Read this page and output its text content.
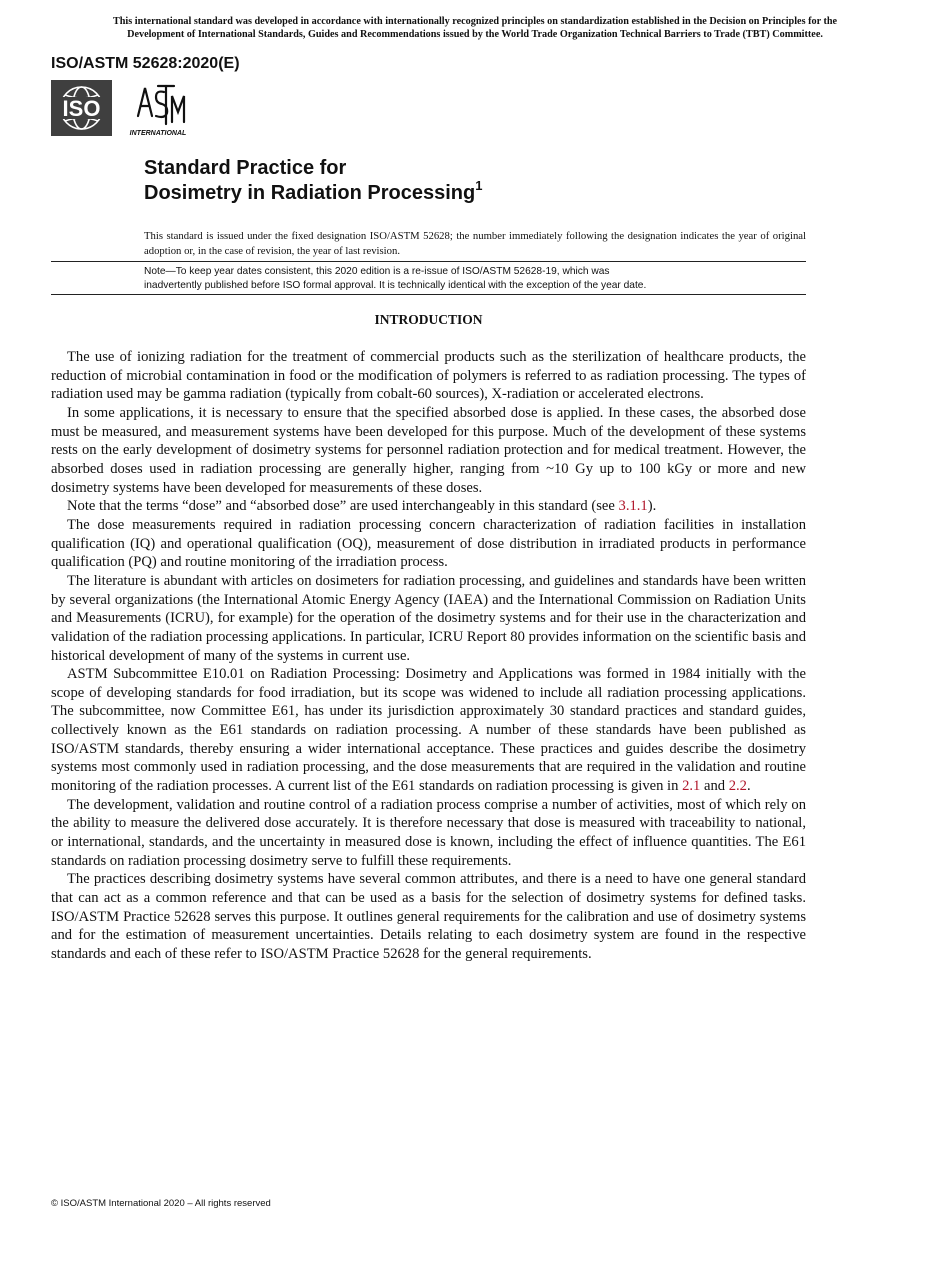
This international standard was developed in accordance with internationally recognized principles on standardization established in the Decision on Principles for the
Development of International Standards, Guides and Recommendations issued by the World Trade Organization Technical Barriers to Trade (TBT) Committee.
ISO/ASTM 52628:2020(E)
ISO
INTERNATIONAL
Standard Practice for
Dosimetry in Radiation Processing$^1$
This standard is issued under the fixed designation ISO/ASTM 52628; the number immediately following the designation indicates the year of original adoption or, in the case of revision, the year of last revision.
Note—To keep year dates consistent, this 2020 edition is a re-issue of ISO/ASTM 52628-19, which was
inadvertently published before ISO formal approval. It is technically identical with the exception of the year date.
INTRODUCTION

The use of ionizing radiation for the treatment of commercial products such as the sterilization of healthcare products, the reduction of microbial contamination in food or the modification of polymers is referred to as radiation processing. The types of radiation used may be gamma radiation (typically from cobalt-60 sources), X-radiation or accelerated electrons.

In some applications, it is necessary to ensure that the specified absorbed dose is applied. In these cases, the absorbed dose must be measured, and measurement systems have been developed for this purpose. Much of the development of these systems rests on the early development of dosimetry systems for personnel radiation protection and for medical treatment. However, the absorbed doses used in radiation processing are generally higher, ranging from ~10 Gy up to 100 kGy or more and new dosimetry systems have been developed for measurements of these doses.

Note that the terms “dose” and “absorbed dose” are used interchangeably in this standard (see 3.1.1).

The dose measurements required in radiation processing concern characterization of radiation facilities in installation qualification (IQ) and operational qualification (OQ), measurement of dose distribution in irradiated products in performance qualification (PQ) and routine monitoring of the irradiation process.

The literature is abundant with articles on dosimeters for radiation processing, and guidelines and standards have been written by several organizations (the International Atomic Energy Agency (IAEA) and the International Commission on Radiation Units and Measurements (ICRU), for example) for the operation of the dosimetry systems and for their use in the characterization and validation of the radiation processing applications. In particular, ICRU Report 80 provides information on the scientific basis and historical development of many of the systems in current use.

ASTM Subcommittee E10.01 on Radiation Processing: Dosimetry and Applications was formed in 1984 initially with the scope of developing standards for food irradiation, but its scope was widened to include all radiation processing applications. The subcommittee, now Committee E61, has under its jurisdiction approximately 30 standard practices and standard guides, collectively known as the E61 standards on radiation processing. A number of these standards have been published as ISO/ASTM standards, thereby ensuring a wider international acceptance. These practices and guides describe the dosimetry systems most commonly used in radiation processing, and the dose measurements that are required in the validation and routine monitoring of the radiation processes. A current list of the E61 standards on radiation processing is given in 2.1 and 2.2.

The development, validation and routine control of a radiation process comprise a number of activities, most of which rely on the ability to measure the delivered dose accurately. It is therefore necessary that dose is measured with traceability to national, or international, standards, and the uncertainty in measured dose is known, including the effect of influence quantities. The E61 standards on radiation processing dosimetry serve to fulfill these requirements.

The practices describing dosimetry systems have several common attributes, and there is a need to have one general standard that can act as a common reference and that can be used as a basis for the selection of dosimetry systems for defined tasks. ISO/ASTM Practice 52628 serves this purpose. It outlines general requirements for the calibration and use of dosimetry systems and for the estimation of measurement uncertainties. Details relating to each dosimetry system are found in the respective standards and each of these refer to ISO/ASTM Practice 52628 for the general requirements.

© ISO/ASTM International 2020 – All rights reserved
